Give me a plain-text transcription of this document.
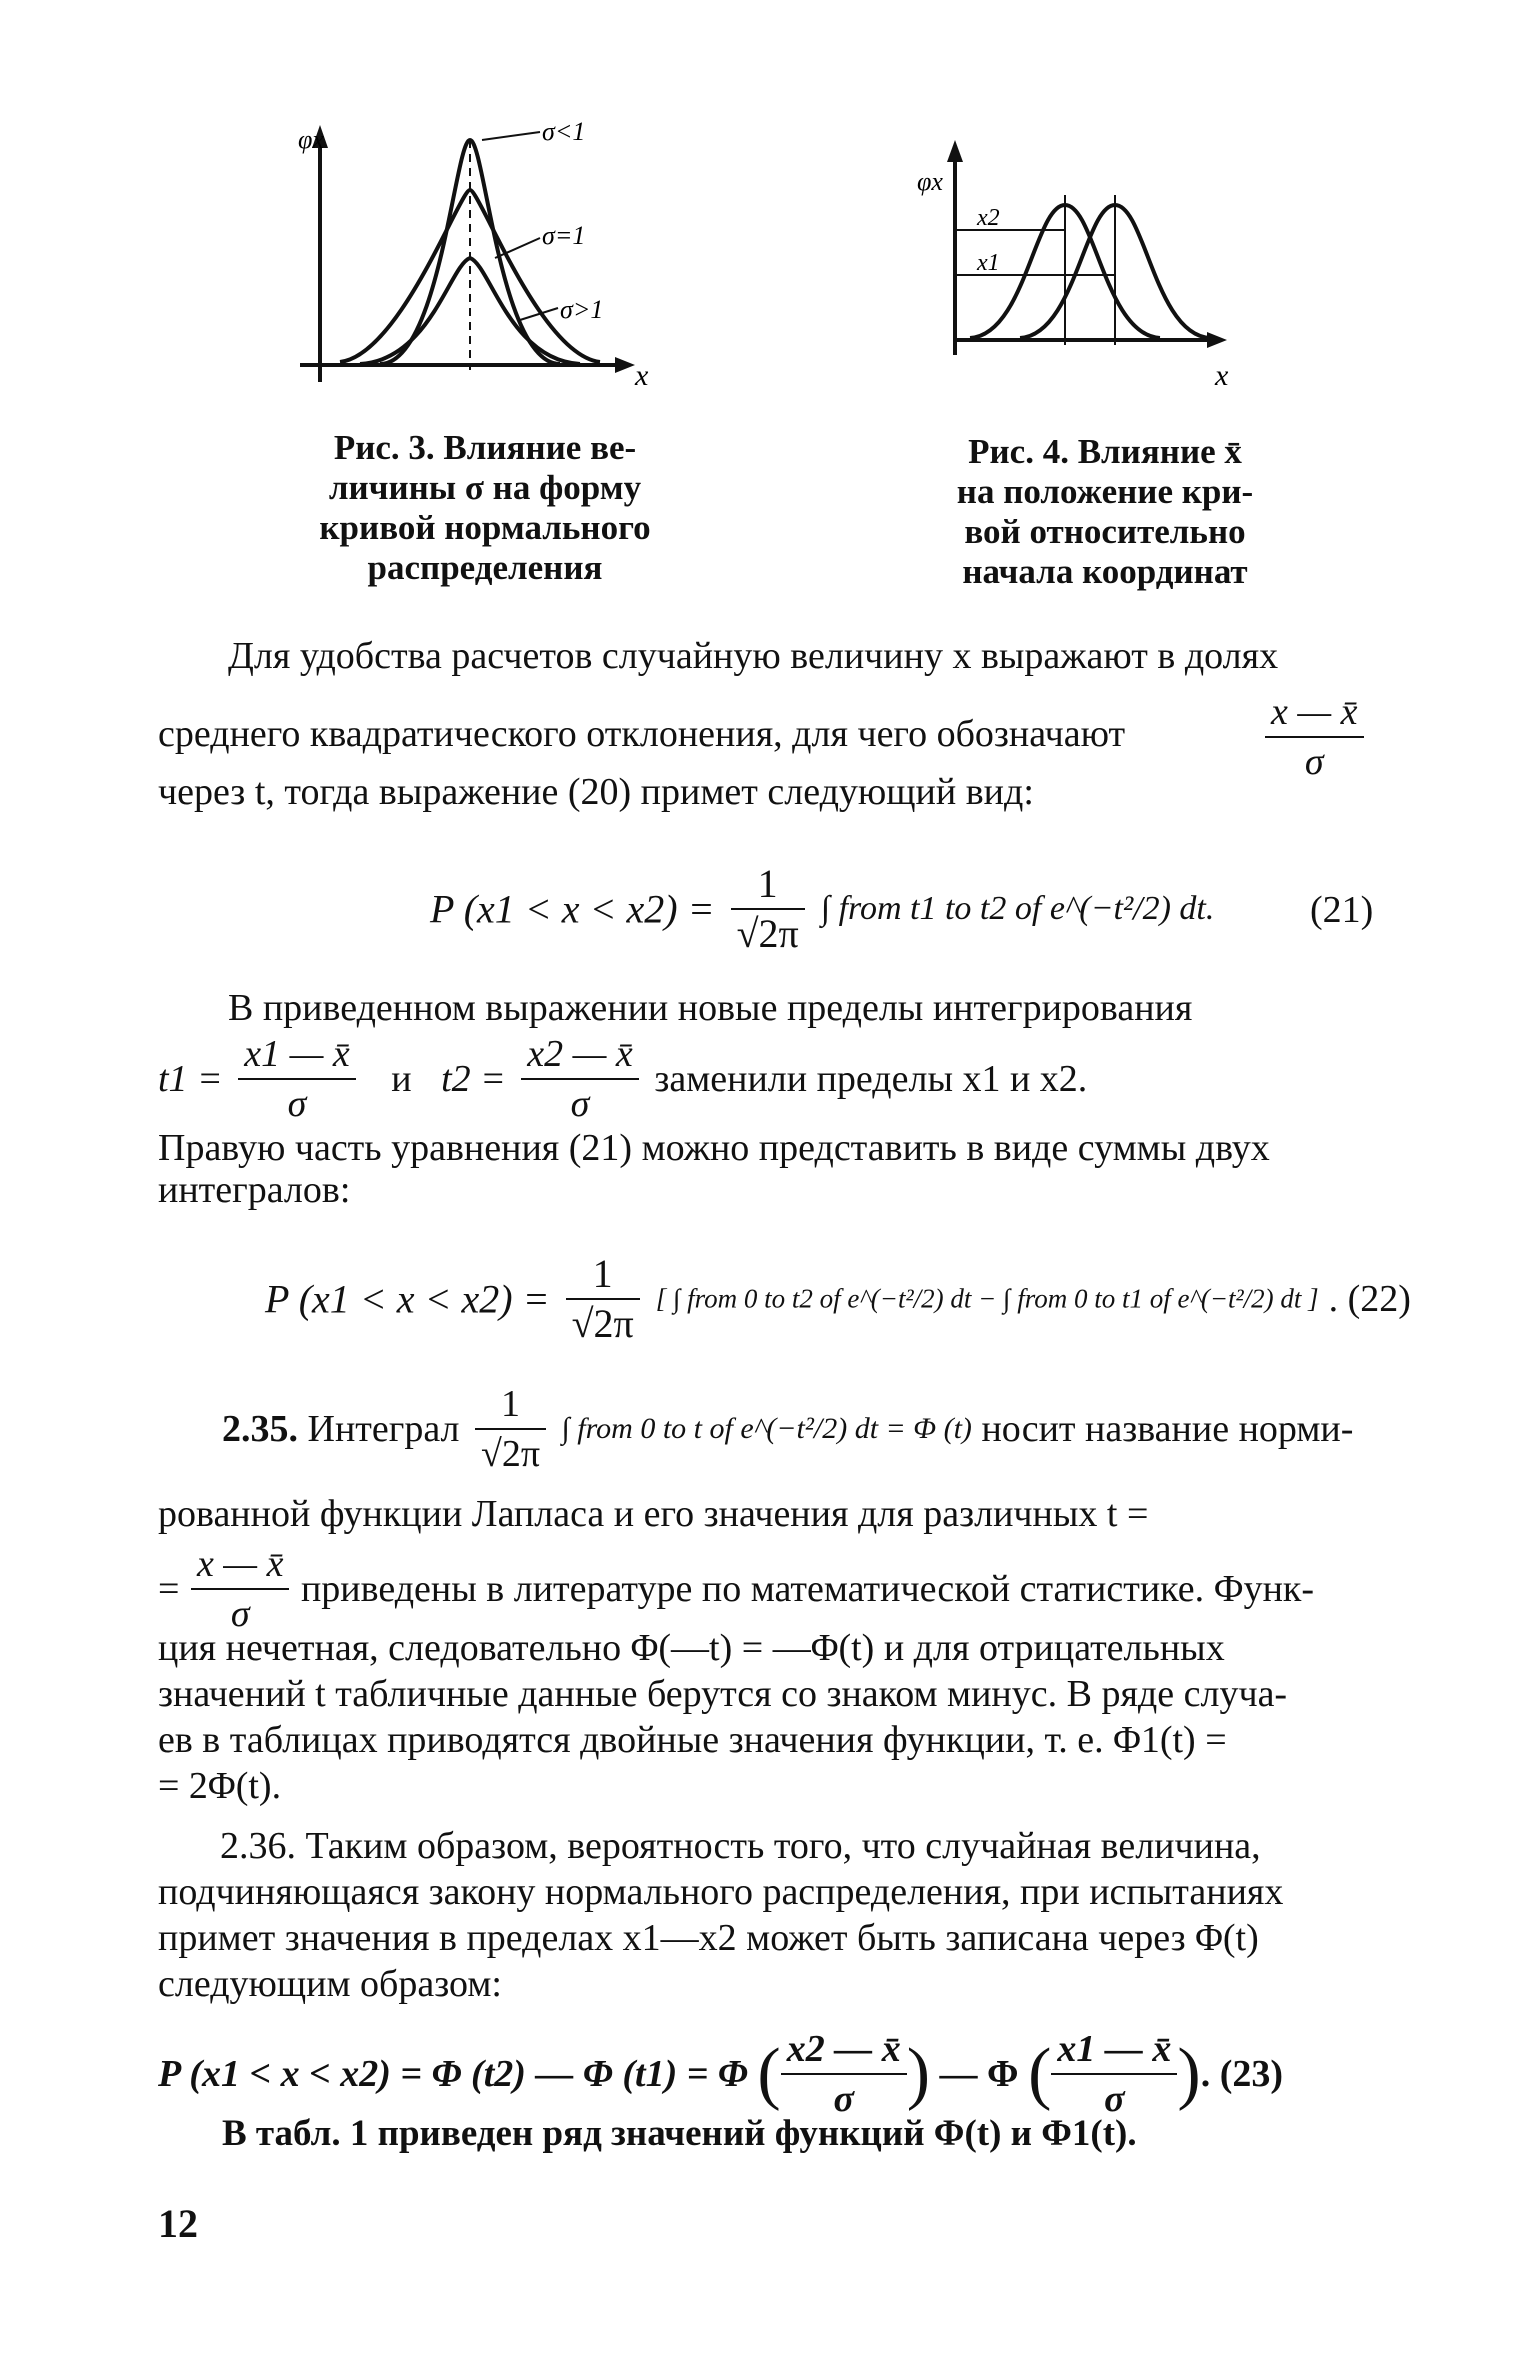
φx
x
σ<1
σ=1
σ>1
Рис. 3. Влияние ве-
личины σ на форму
кривой нормального
распределения
φx
x2
x1
x
Рис. 4. Влияние x̄
на положение кри-
вой относительно
начала координат
Для удобства расчетов случайную величину x выражают в долях
среднего квадратического отклонения, для чего обозначают	$\frac{x — x̄}{\sigma}$
через t, тогда выражение (20) примет следующий вид:
P $(x1 < x < x2) = \frac{1}{√2\pi}$ ∫ from t1 to t2 of e^(−t²/2) dt.	(21)
В приведенном выражении новые пределы интегрирования
$t1 = \frac{x1 — x̄}{\sigma}$ и $t2 = \frac{x2 — x̄}{\sigma}$ заменили пределы x1 и x2.
Правую часть уравнения (21) можно представить в виде суммы двух
интегралов:
P $(x1 < x < x2) = \frac{1}{√2\pi}$ [ ∫ from 0 to t2 of e^(−t²/2) dt − ∫ from 0 to t1 of e^(−t²/2) dt ] . (22)
2.35. Интеграл $\frac{1}{√2\pi}$ ∫ from 0 to t of e^(−t²/2) dt = Φ (t) носит название норми-
рованной функции Лапласа и его значения для различных t =
= $\frac{x — x̄}{\sigma}$ приведены в литературе по математической статистике. Функ-
ция нечетная, следовательно Φ(—t) = —Φ(t) и для отрицательных
значений t табличные данные берутся со знаком минус. В ряде случа-
ев в таблицах приводятся двойные значения функции, т. е. Φ1(t) =
= 2Φ(t).
2.36. Таким образом, вероятность того, что случайная величина,
подчиняющаяся закону нормального распределения, при испытаниях
примет значения в пределах x1—x2 может быть записана через Φ(t)
следующим образом:
P (x1 < x < x2) = Φ (t2) — Φ (t1) = Φ ( $\frac{x2 — x̄}{\sigma}$ ) — Φ ( $\frac{x1 — x̄}{\sigma}$ ). (23)
В табл. 1 приведен ряд значений функций Φ(t) и Φ1(t).
12
